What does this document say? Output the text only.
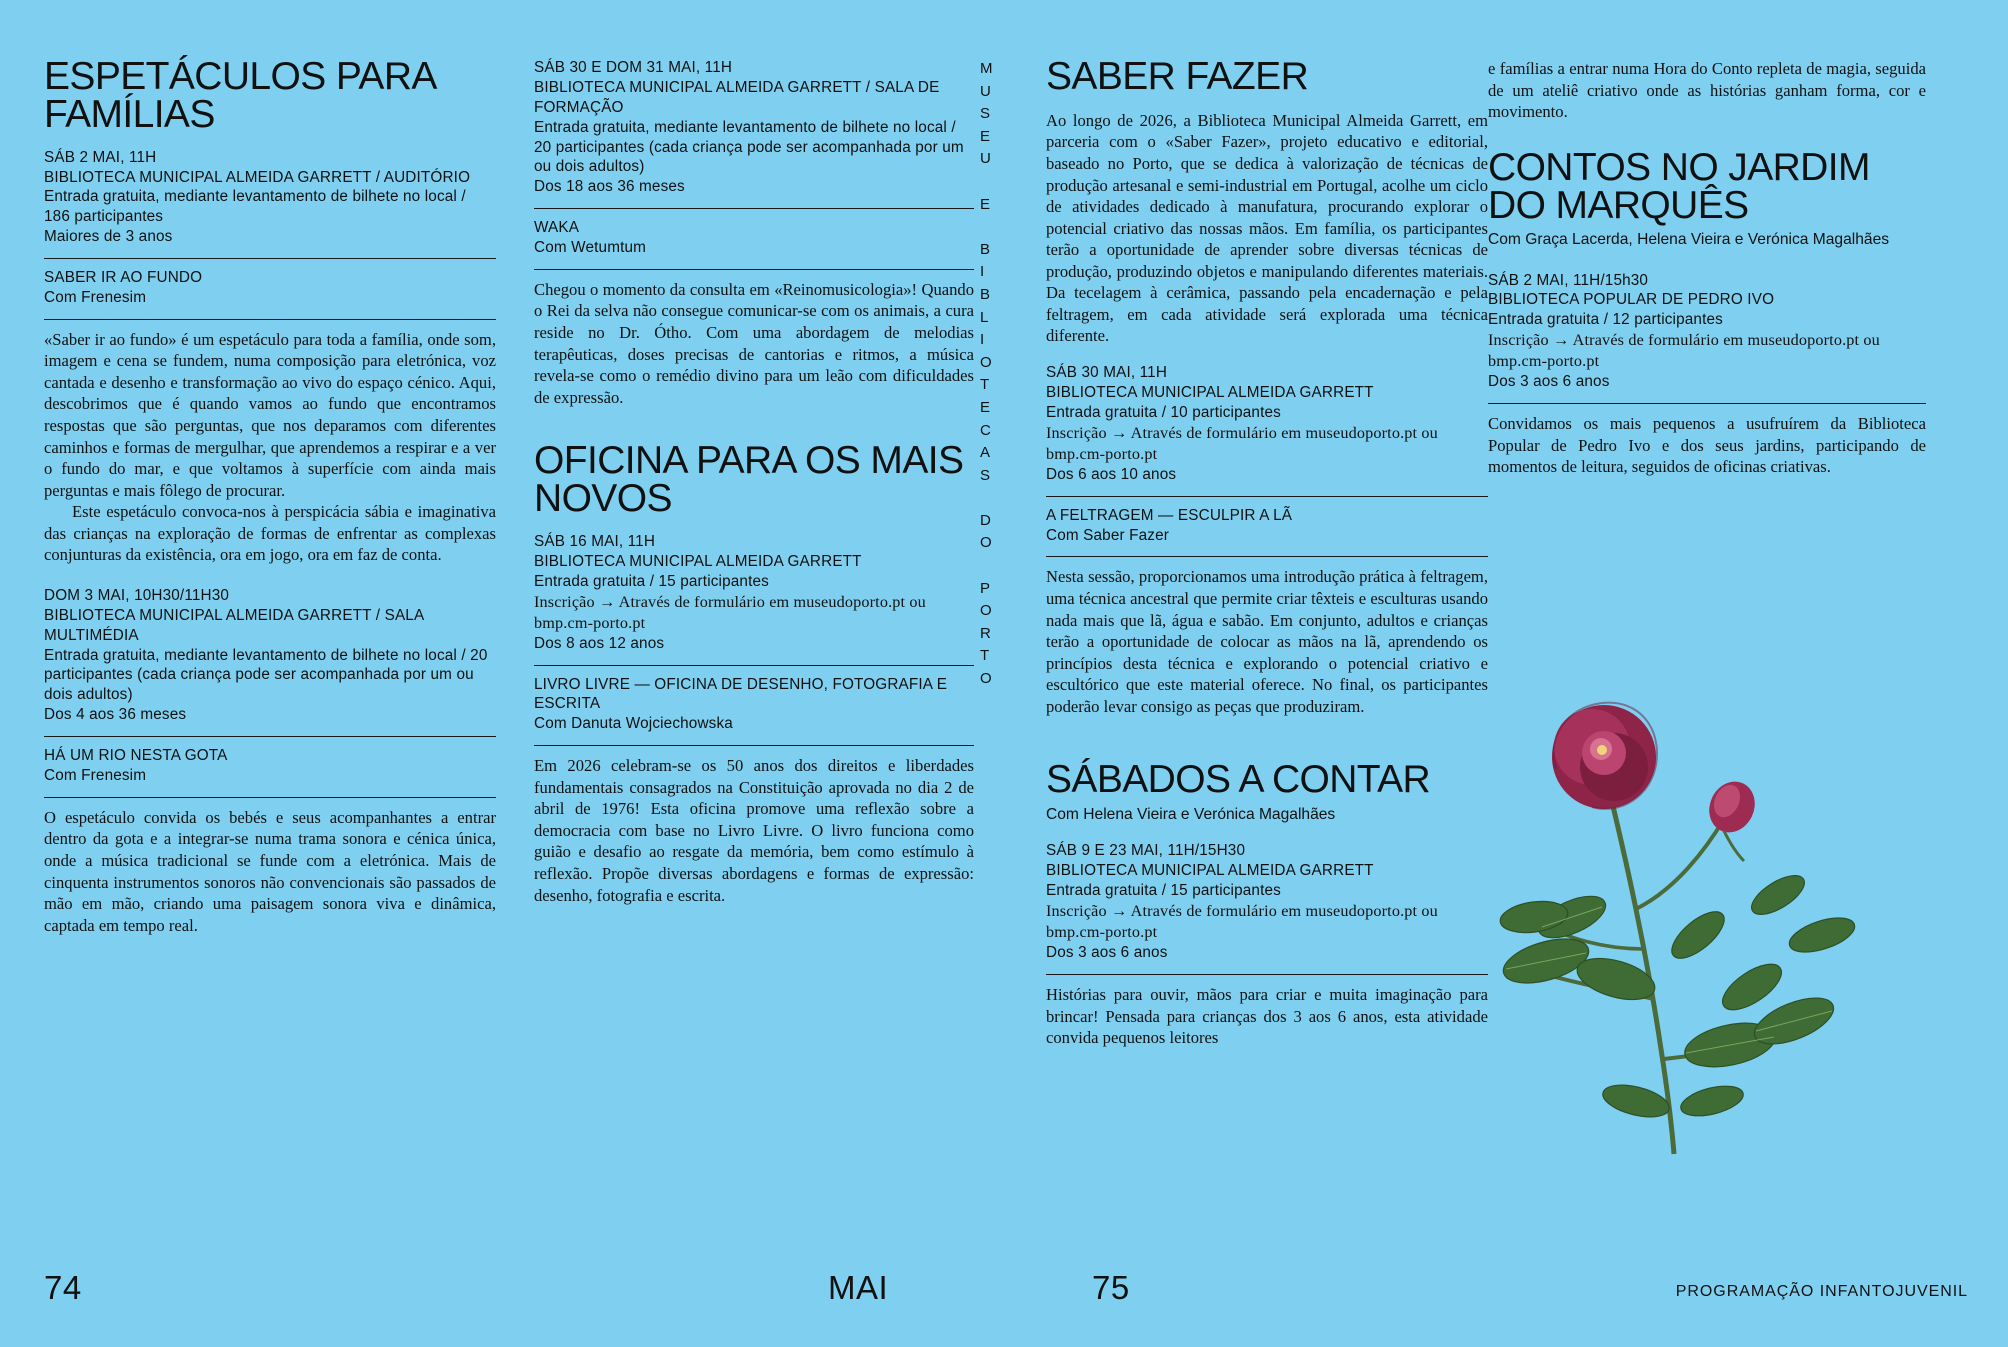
ESPETÁCULOS PARA FAMÍLIAS

SÁB 2 MAI, 11H

BIBLIOTECA MUNICIPAL ALMEIDA GARRETT / AUDITÓRIO

Entrada gratuita, mediante levantamento de bilhete no local / 186 participantes

Maiores de 3 anos

SABER IR AO FUNDO

Com Frenesim

«Saber ir ao fundo» é um espetáculo para toda a família, onde som, imagem e cena se fundem, numa composição para eletrónica, voz cantada e desenho e transformação ao vivo do espaço cénico. Aqui, descobrimos que é quando vamos ao fundo que encontramos respostas que são perguntas, que nos deparamos com diferentes caminhos e formas de mergulhar, que aprendemos a respirar e a ver o fundo do mar, e que voltamos à superfície com ainda mais perguntas e mais fôlego de procurar.

Este espetáculo convoca-nos à perspicácia sábia e imaginativa das crianças na exploração de formas de enfrentar as complexas conjunturas da existência, ora em jogo, ora em faz de conta.

DOM 3 MAI, 10H30/11H30

BIBLIOTECA MUNICIPAL ALMEIDA GARRETT / SALA MULTIMÉDIA

Entrada gratuita, mediante levantamento de bilhete no local / 20 participantes (cada criança pode ser acompanhada por um ou dois adultos)

Dos 4 aos 36 meses

HÁ UM RIO NESTA GOTA

Com Frenesim

O espetáculo convida os bebés e seus acompanhantes a entrar dentro da gota e a integrar-se numa trama sonora e cénica única, onde a música tradicional se funde com a eletrónica. Mais de cinquenta instrumentos sonoros não convencionais são passados de mão em mão, criando uma paisagem sonora viva e dinâmica, captada em tempo real.

SÁB 30 E DOM 31 MAI, 11H

BIBLIOTECA MUNICIPAL ALMEIDA GARRETT / SALA DE FORMAÇÃO

Entrada gratuita, mediante levantamento de bilhete no local / 20 participantes (cada criança pode ser acompanhada por um ou dois adultos)

Dos 18 aos 36 meses

WAKA

Com Wetumtum

Chegou o momento da consulta em «Reinomusicologia»! Quando o Rei da selva não consegue comunicar-se com os animais, a cura reside no Dr. Ótho. Com uma abordagem de melodias terapêuticas, doses precisas de cantorias e ritmos, a música revela-se como o remédio divino para um leão com dificuldades de expressão.

OFICINA PARA OS MAIS NOVOS

SÁB 16 MAI, 11H

BIBLIOTECA MUNICIPAL ALMEIDA GARRETT

Entrada gratuita / 15 participantes

Inscrição → Através de formulário em museudoporto.pt ou bmp.cm-porto.pt

Dos 8 aos 12 anos

LIVRO LIVRE — OFICINA DE DESENHO, FOTOGRAFIA E ESCRITA

Com Danuta Wojciechowska

Em 2026 celebram-se os 50 anos dos direitos e liberdades fundamentais consagrados na Constituição aprovada no dia 2 de abril de 1976! Esta oficina promove uma reflexão sobre a democracia com base no Livro Livre. O livro funciona como guião e desafio ao resgate da memória, bem como estímulo à reflexão. Propõe diversas abordagens e formas de expressão: desenho, fotografia e escrita.

M
U
S
E
U

E

B
I
B
L
I
O
T
E
C
A
S

D
O

P
O
R
T
O
SABER FAZER

Ao longo de 2026, a Biblioteca Municipal Almeida Garrett, em parceria com o «Saber Fazer», projeto educativo e editorial, baseado no Porto, que se dedica à valorização de técnicas de produção artesanal e semi-industrial em Portugal, acolhe um ciclo de atividades dedicado à manufatura, procurando explorar o potencial criativo das nossas mãos. Em família, os participantes terão a oportunidade de aprender sobre diversas técnicas de produção, produzindo objetos e manipulando diferentes materiais. Da tecelagem à cerâmica, passando pela encadernação e pela feltragem, em cada atividade será explorada uma técnica diferente.

SÁB 30 MAI, 11H

BIBLIOTECA MUNICIPAL ALMEIDA GARRETT

Entrada gratuita / 10 participantes

Inscrição → Através de formulário em museudoporto.pt ou bmp.cm-porto.pt

Dos 6 aos 10 anos

A FELTRAGEM — ESCULPIR A LÃ

Com Saber Fazer

Nesta sessão, proporcionamos uma introdução prática à feltragem, uma técnica ancestral que permite criar têxteis e esculturas usando nada mais que lã, água e sabão. Em conjunto, adultos e crianças terão a oportunidade de colocar as mãos na lã, aprendendo os princípios desta técnica e explorando o potencial criativo e escultórico que este material oferece. No final, os participantes poderão levar consigo as peças que produziram.

SÁBADOS A CONTAR

Com Helena Vieira e Verónica Magalhães

SÁB 9 E 23 MAI, 11H/15H30

BIBLIOTECA MUNICIPAL ALMEIDA GARRETT

Entrada gratuita / 15 participantes

Inscrição → Através de formulário em museudoporto.pt ou bmp.cm-porto.pt

Dos 3 aos 6 anos

Histórias para ouvir, mãos para criar e muita imaginação para brincar! Pensada para crianças dos 3 aos 6 anos, esta atividade convida pequenos leitores

e famílias a entrar numa Hora do Conto repleta de magia, seguida de um ateliê criativo onde as histórias ganham forma, cor e movimento.

CONTOS NO JARDIM DO MARQUÊS

Com Graça Lacerda, Helena Vieira e Verónica Magalhães

SÁB 2 MAI, 11H/15h30

BIBLIOTECA POPULAR DE PEDRO IVO

Entrada gratuita / 12 participantes

Inscrição → Através de formulário em museudoporto.pt ou bmp.cm-porto.pt

Dos 3 aos 6 anos

Convidamos os mais pequenos a usufruírem da Biblioteca Popular de Pedro Ivo e dos seus jardins, participando de momentos de leitura, seguidos de oficinas criativas.

74	MAI	75	PROGRAMAÇÃO INFANTOJUVENIL
